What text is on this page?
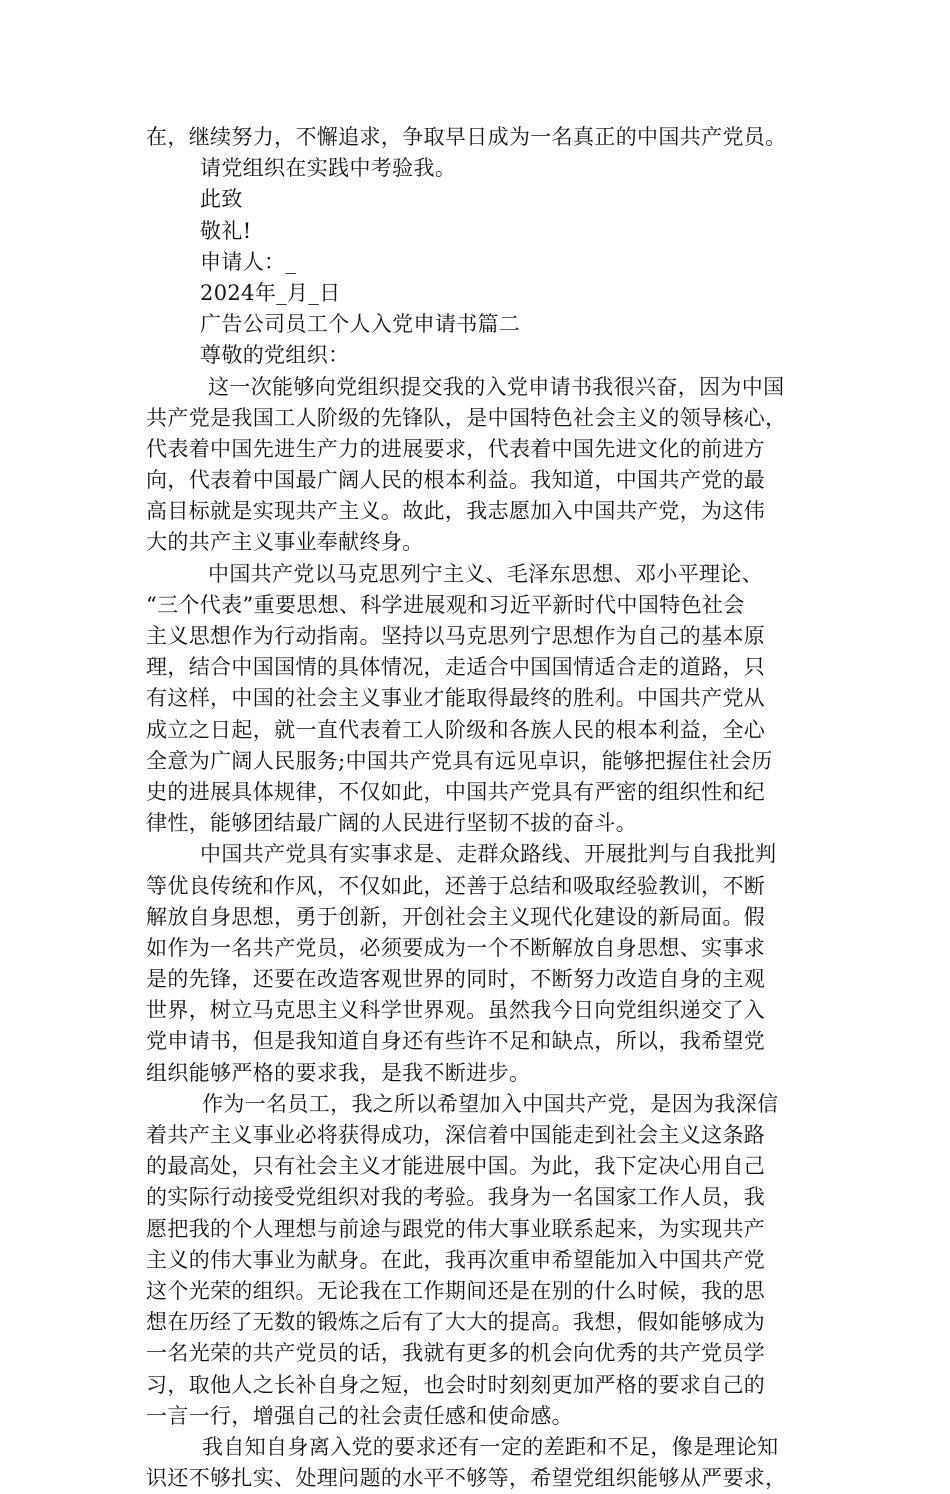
在，继续努力，不懈追求，争取早日成为一名真正的中国共产党员。
请党组织在实践中考验我。
此致
敬礼!
申请人：_
2024年_月_日
广告公司员工个人入党申请书篇二
尊敬的党组织：
这一次能够向党组织提交我的入党申请书我很兴奋，因为中国
共产党是我国工人阶级的先锋队，是中国特色社会主义的领导核心，
代表着中国先进生产力的进展要求，代表着中国先进文化的前进方
向，代表着中国最广阔人民的根本利益。我知道，中国共产党的最
高目标就是实现共产主义。故此，我志愿加入中国共产党，为这伟
大的共产主义事业奉献终身。
中国共产党以马克思列宁主义、毛泽东思想、邓小平理论、
“三个代表”重要思想、科学进展观和习近平新时代中国特色社会
主义思想作为行动指南。坚持以马克思列宁思想作为自己的基本原
理，结合中国国情的具体情况，走适合中国国情适合走的道路，只
有这样，中国的社会主义事业才能取得最终的胜利。中国共产党从
成立之日起，就一直代表着工人阶级和各族人民的根本利益，全心
全意为广阔人民服务;中国共产党具有远见卓识，能够把握住社会历
史的进展具体规律，不仅如此，中国共产党具有严密的组织性和纪
律性，能够团结最广阔的人民进行坚韧不拔的奋斗。
中国共产党具有实事求是、走群众路线、开展批判与自我批判
等优良传统和作风，不仅如此，还善于总结和吸取经验教训，不断
解放自身思想，勇于创新，开创社会主义现代化建设的新局面。假
如作为一名共产党员，必须要成为一个不断解放自身思想、实事求
是的先锋，还要在改造客观世界的同时，不断努力改造自身的主观
世界，树立马克思主义科学世界观。虽然我今日向党组织递交了入
党申请书，但是我知道自身还有些许不足和缺点，所以，我希望党
组织能够严格的要求我，是我不断进步。
作为一名员工，我之所以希望加入中国共产党，是因为我深信
着共产主义事业必将获得成功，深信着中国能走到社会主义这条路
的最高处，只有社会主义才能进展中国。为此，我下定决心用自己
的实际行动接受党组织对我的考验。我身为一名国家工作人员，我
愿把我的个人理想与前途与跟党的伟大事业联系起来，为实现共产
主义的伟大事业为献身。在此，我再次重申希望能加入中国共产党
这个光荣的组织。无论我在工作期间还是在别的什么时候，我的思
想在历经了无数的锻炼之后有了大大的提高。我想，假如能够成为
一名光荣的共产党员的话，我就有更多的机会向优秀的共产党员学
习，取他人之长补自身之短，也会时时刻刻更加严格的要求自己的
一言一行，增强自己的社会责任感和使命感。
我自知自身离入党的要求还有一定的差距和不足，像是理论知
识还不够扎实、处理问题的水平不够等，希望党组织能够从严要求，
